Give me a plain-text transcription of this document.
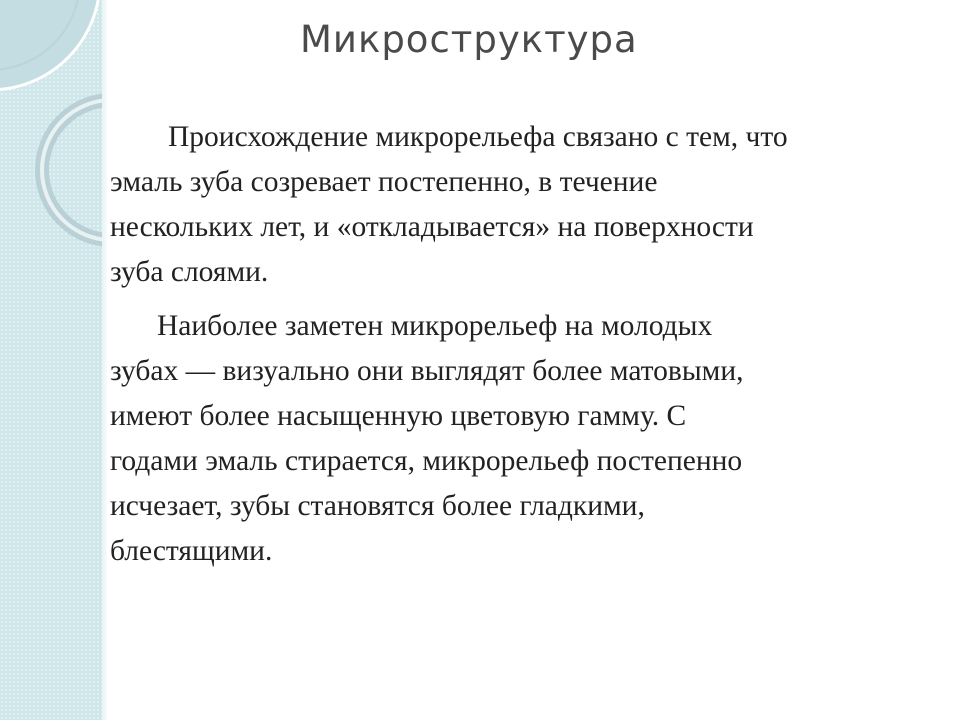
Микроструктура

Происхождение микрорельефа связано с тем, что
эмаль зуба созревает постепенно, в течение
нескольких лет, и «откладывается» на поверхности
зуба слоями.

Наиболее заметен микрорельеф на молодых
зубах — визуально они выглядят более матовыми,
имеют более насыщенную цветовую гамму. С
годами эмаль стирается, микрорельеф постепенно
исчезает, зубы становятся более гладкими,
блестящими.
